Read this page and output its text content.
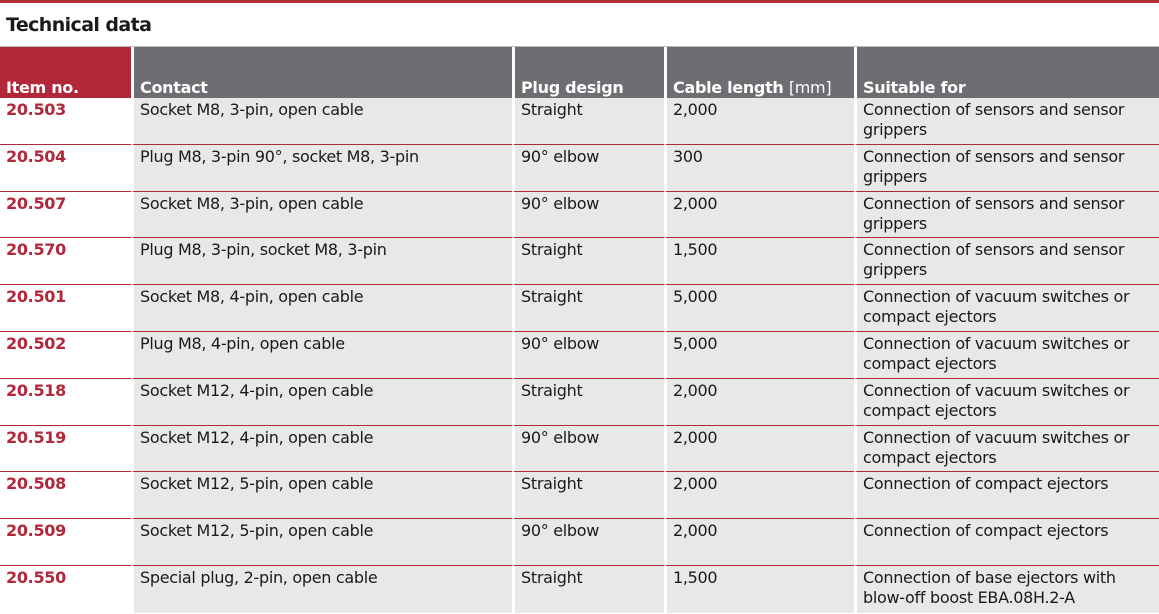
Technical data
Item no.	Contact	Plug design	Cable length [mm]	Suitable for
20.503	Socket M8, 3-pin, open cable	Straight	2,000	Connection of sensors and sensor grippers
20.504	Plug M8, 3-pin 90°, socket M8, 3-pin	90° elbow	300	Connection of sensors and sensor grippers
20.507	Socket M8, 3-pin, open cable	90° elbow	2,000	Connection of sensors and sensor grippers
20.570	Plug M8, 3-pin, socket M8, 3-pin	Straight	1,500	Connection of sensors and sensor grippers
20.501	Socket M8, 4-pin, open cable	Straight	5,000	Connection of vacuum switches or compact ejectors
20.502	Plug M8, 4-pin, open cable	90° elbow	5,000	Connection of vacuum switches or compact ejectors
20.518	Socket M12, 4-pin, open cable	Straight	2,000	Connection of vacuum switches or compact ejectors
20.519	Socket M12, 4-pin, open cable	90° elbow	2,000	Connection of vacuum switches or compact ejectors
20.508	Socket M12, 5-pin, open cable	Straight	2,000	Connection of compact ejectors
20.509	Socket M12, 5-pin, open cable	90° elbow	2,000	Connection of compact ejectors
20.550	Special plug, 2-pin, open cable	Straight	1,500	Connection of base ejectors with blow-off boost EBA.08H.2-A
